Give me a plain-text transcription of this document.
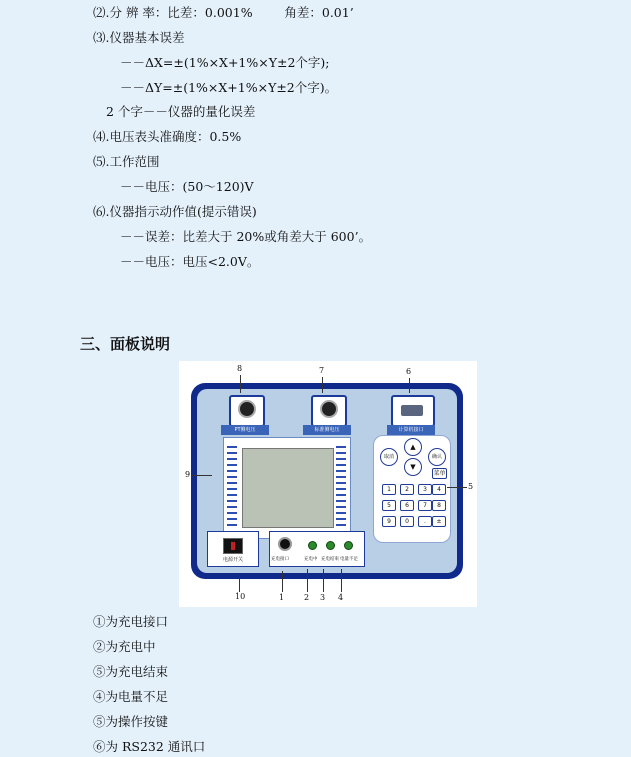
⑵.分 辨 率：比差：0.001%        角差：0.01’
⑶.仪器基本误差
－－ΔX=±(1%×X+1%×Y±2个字);
－－ΔY=±(1%×X+1%×Y±2个字)。
2 个字－－仪器的量化误差
⑷.电压表头准确度：0.5%
⑸.工作范围
－－电压：(50～120)V
⑹.仪器指示动作值(提示错误)
－－误差：比差大于 20%或角差大于 600’。
－－电压：电压<2.0V。
三、面板说明
8	7	6
9
5
10	1 2 3 4
PT侧电压	标准侧电压	计算机接口
取消
▲
▼
确认
菜单
1	2	3	4
5	6	7	8
9	0	.	±
电源开关	充电接口	充电中 充电结束 电量不足
①为充电接口
②为充电中
⑤为充电结束
④为电量不足
⑤为操作按键
⑥为 RS232 通讯口
